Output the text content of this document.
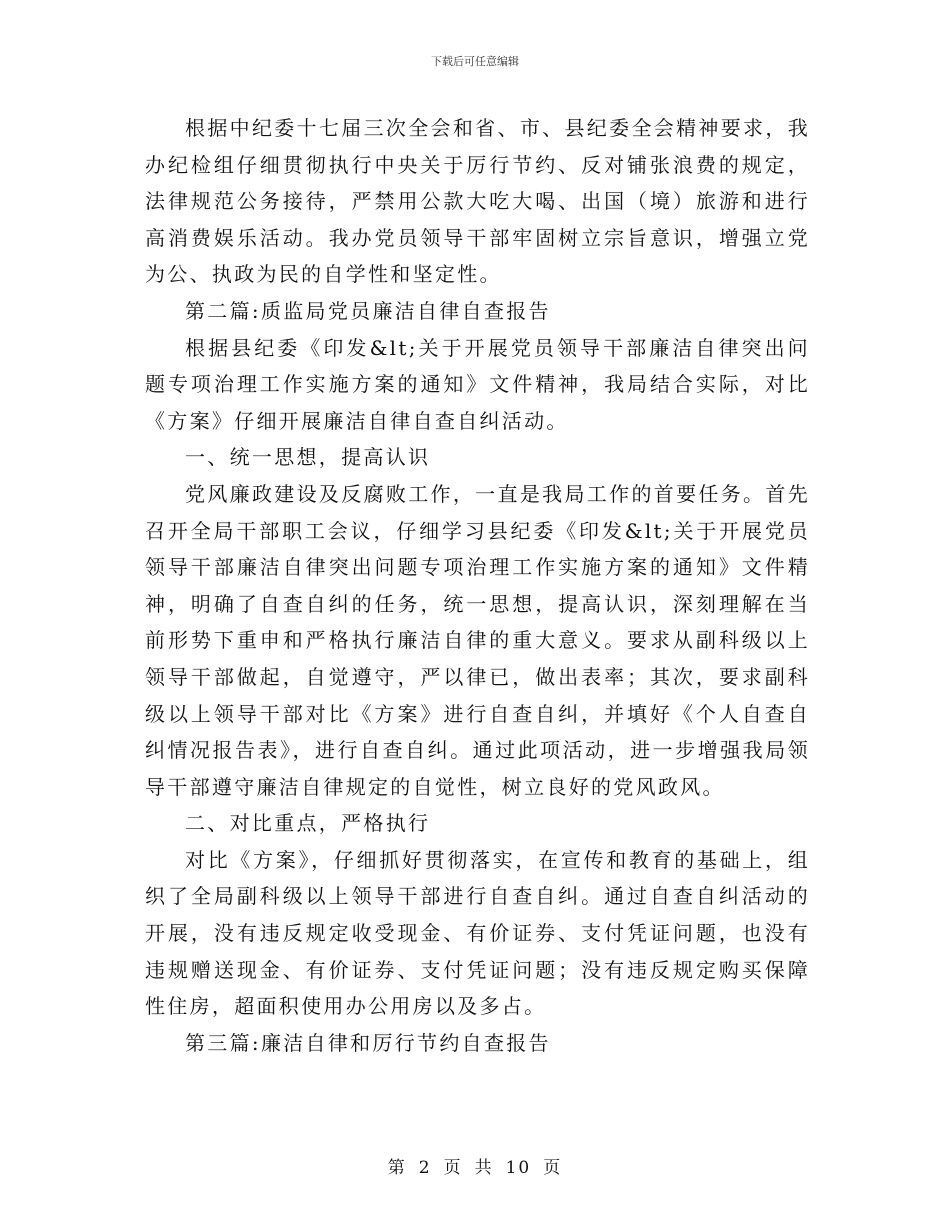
下载后可任意编辑

根据中纪委十七届三次全会和省、市、县纪委全会精神要求，我办纪检组仔细贯彻执行中央关于厉行节约、反对铺张浪费的规定，法律规范公务接待，严禁用公款大吃大喝、出国（境）旅游和进行高消费娱乐活动。我办党员领导干部牢固树立宗旨意识，增强立党为公、执政为民的自学性和坚定性。

第二篇:质监局党员廉洁自律自查报告

根据县纪委《印发&lt;关于开展党员领导干部廉洁自律突出问题专项治理工作实施方案的通知》文件精神，我局结合实际，对比《方案》仔细开展廉洁自律自查自纠活动。

一、统一思想，提高认识

党风廉政建设及反腐败工作，一直是我局工作的首要任务。首先召开全局干部职工会议，仔细学习县纪委《印发&lt;关于开展党员领导干部廉洁自律突出问题专项治理工作实施方案的通知》文件精神，明确了自查自纠的任务，统一思想，提高认识，深刻理解在当前形势下重申和严格执行廉洁自律的重大意义。要求从副科级以上领导干部做起，自觉遵守，严以律已，做出表率；其次，要求副科级以上领导干部对比《方案》进行自查自纠，并填好《个人自查自纠情况报告表》，进行自查自纠。通过此项活动，进一步增强我局领导干部遵守廉洁自律规定的自觉性，树立良好的党风政风。

二、对比重点，严格执行

对比《方案》，仔细抓好贯彻落实，在宣传和教育的基础上，组织了全局副科级以上领导干部进行自查自纠。通过自查自纠活动的开展，没有违反规定收受现金、有价证券、支付凭证问题，也没有违规赠送现金、有价证券、支付凭证问题；没有违反规定购买保障性住房，超面积使用办公用房以及多占。

第三篇:廉洁自律和厉行节约自查报告

第 2 页 共 10 页
